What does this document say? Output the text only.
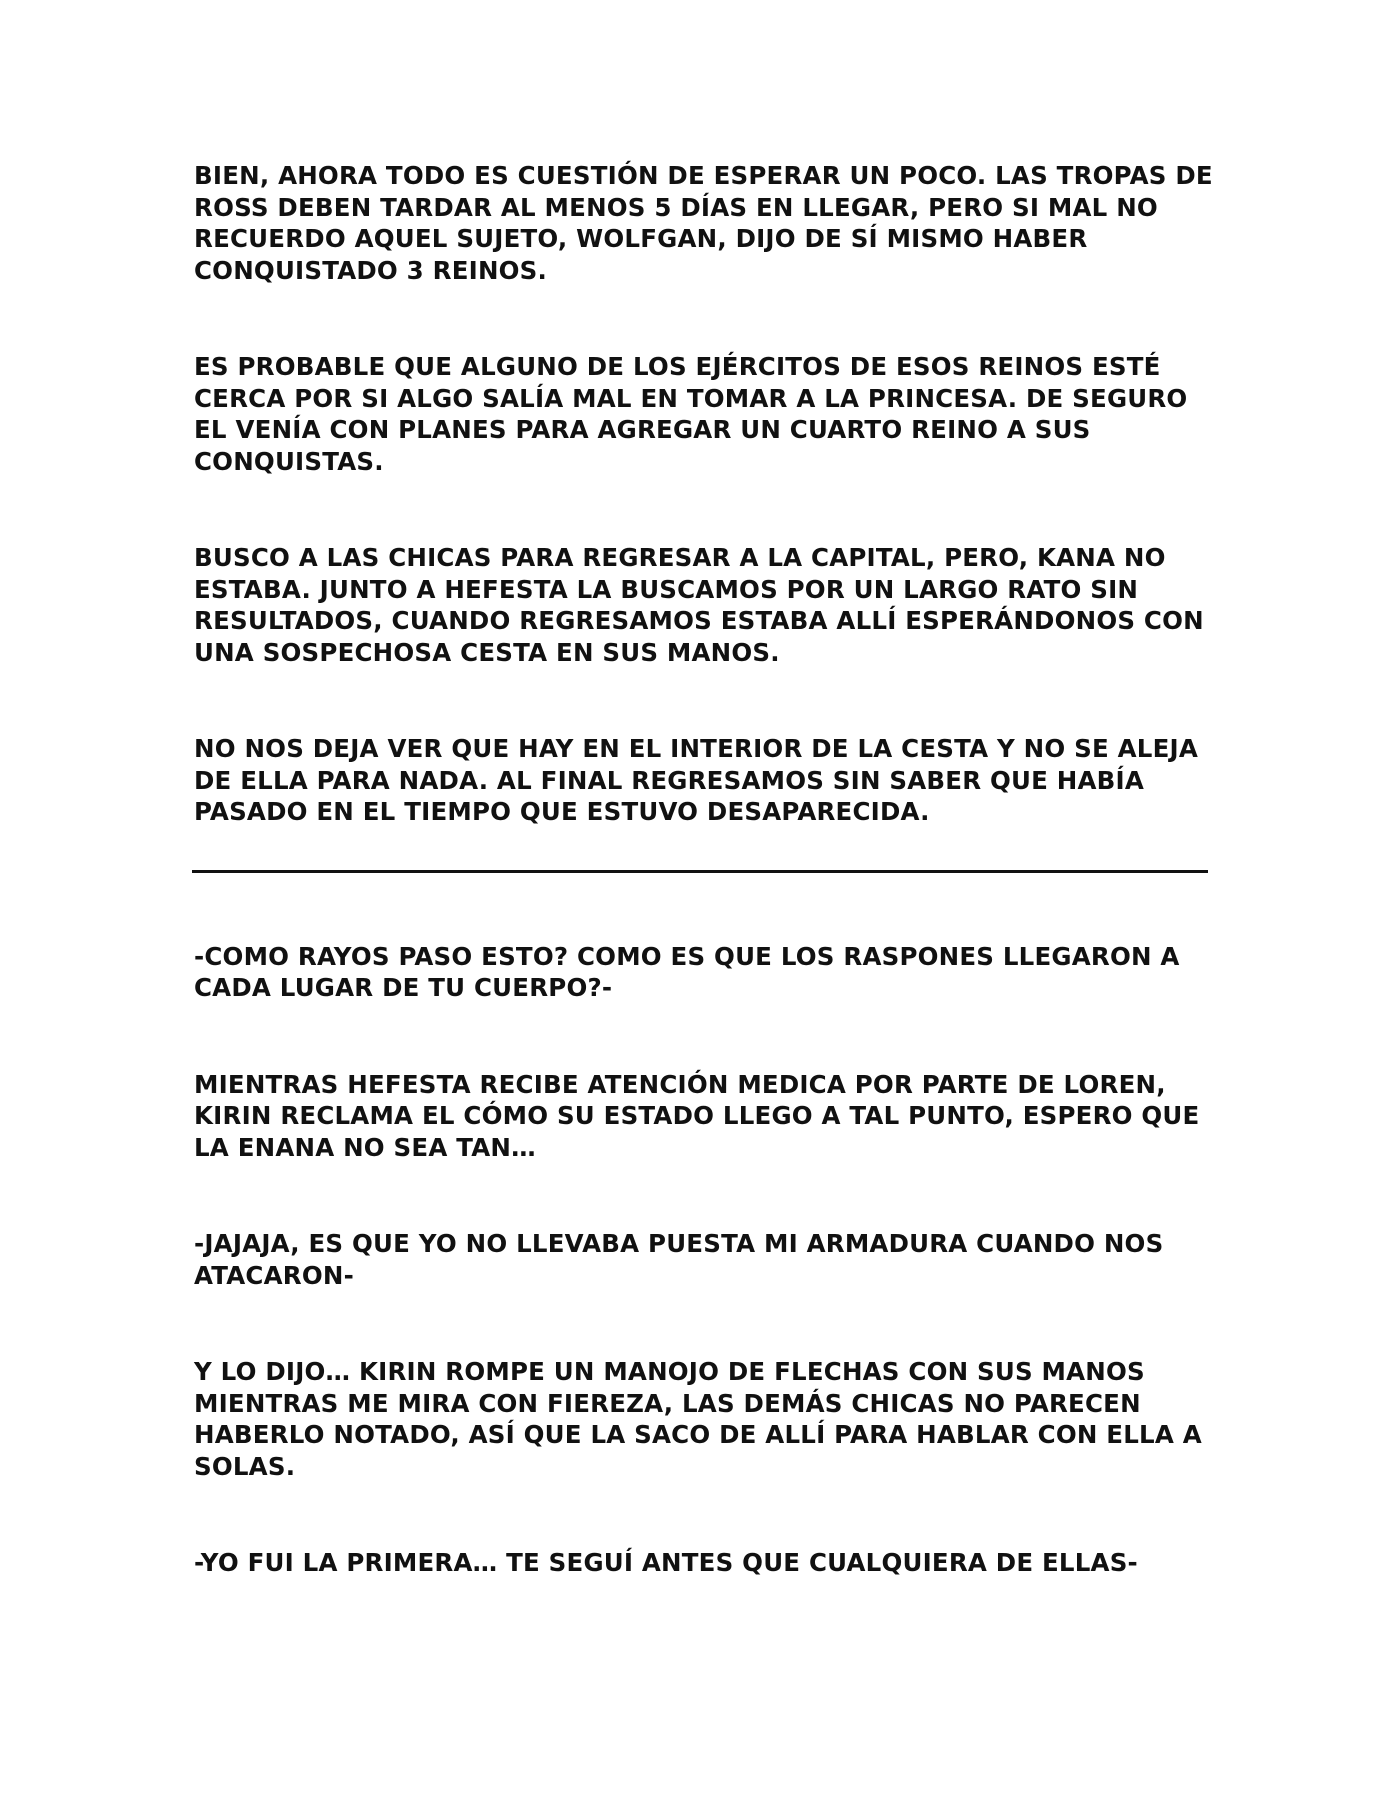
BIEN, AHORA TODO ES CUESTIÓN DE ESPERAR UN POCO. LAS TROPAS DE ROSS DEBEN TARDAR AL MENOS 5 DÍAS EN LLEGAR, PERO SI MAL NO RECUERDO AQUEL SUJETO, WOLFGAN, DIJO DE SÍ MISMO HABER CONQUISTADO 3 REINOS.

ES PROBABLE QUE ALGUNO DE LOS EJÉRCITOS DE ESOS REINOS ESTÉ CERCA POR SI ALGO SALÍA MAL EN TOMAR A LA PRINCESA. DE SEGURO EL VENÍA CON PLANES PARA AGREGAR UN CUARTO REINO A SUS CONQUISTAS.

BUSCO A LAS CHICAS PARA REGRESAR A LA CAPITAL, PERO, KANA NO ESTABA. JUNTO A HEFESTA LA BUSCAMOS POR UN LARGO RATO SIN RESULTADOS, CUANDO REGRESAMOS ESTABA ALLÍ ESPERÁNDONOS CON UNA SOSPECHOSA CESTA EN SUS MANOS.

NO NOS DEJA VER QUE HAY EN EL INTERIOR DE LA CESTA Y NO SE ALEJA DE ELLA PARA NADA. AL FINAL REGRESAMOS SIN SABER QUE HABÍA PASADO EN EL TIEMPO QUE ESTUVO DESAPARECIDA.

-COMO RAYOS PASO ESTO? COMO ES QUE LOS RASPONES LLEGARON A CADA LUGAR DE TU CUERPO?-

MIENTRAS HEFESTA RECIBE ATENCIÓN MEDICA POR PARTE DE LOREN, KIRIN RECLAMA EL CÓMO SU ESTADO LLEGO A TAL PUNTO, ESPERO QUE LA ENANA NO SEA TAN…

-JAJAJA, ES QUE YO NO LLEVABA PUESTA MI ARMADURA CUANDO NOS ATACARON-

Y LO DIJO… KIRIN ROMPE UN MANOJO DE FLECHAS CON SUS MANOS MIENTRAS ME MIRA CON FIEREZA, LAS DEMÁS CHICAS NO PARECEN HABERLO NOTADO, ASÍ QUE LA SACO DE ALLÍ PARA HABLAR CON ELLA A SOLAS.

-YO FUI LA PRIMERA… TE SEGUÍ ANTES QUE CUALQUIERA DE ELLAS-
